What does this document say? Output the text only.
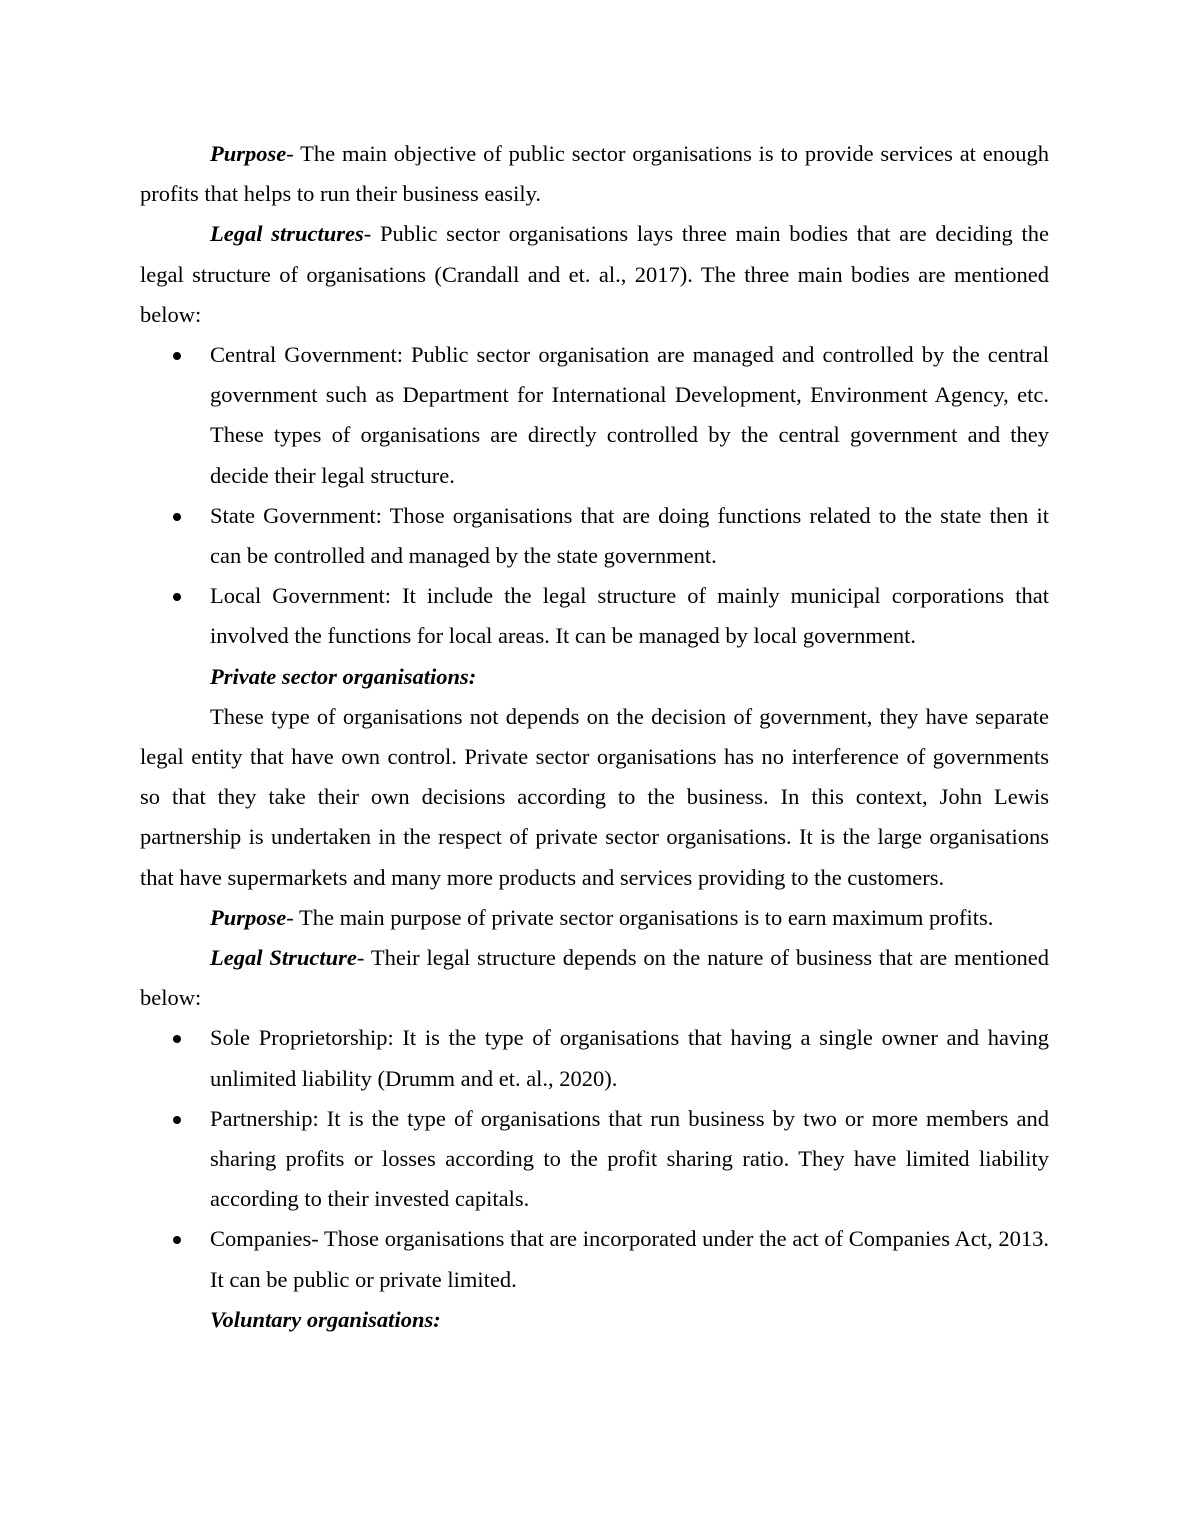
Purpose- The main objective of public sector organisations is to provide services at enough profits that helps to run their business easily.

Legal structures- Public sector organisations lays three main bodies that are deciding the legal structure of organisations (Crandall and et. al., 2017). The three main bodies are mentioned below:

Central Government: Public sector organisation are managed and controlled by the central government such as Department for International Development, Environment Agency, etc. These types of organisations are directly controlled by the central government and they decide their legal structure.
State Government: Those organisations that are doing functions related to the state then it can be controlled and managed by the state government.
Local Government: It include the legal structure of mainly municipal corporations that involved the functions for local areas. It can be managed by local government.

Private sector organisations:

These type of organisations not depends on the decision of government, they have separate legal entity that have own control. Private sector organisations has no interference of governments so that they take their own decisions according to the business. In this context, John Lewis partnership is undertaken in the respect of private sector organisations. It is the large organisations that have supermarkets and many more products and services providing to the customers.

Purpose- The main purpose of private sector organisations is to earn maximum profits.

Legal Structure- Their legal structure depends on the nature of business that are mentioned below:

Sole Proprietorship: It is the type of organisations that having a single owner and having unlimited liability (Drumm and et. al., 2020).
Partnership: It is the type of organisations that run business by two or more members and sharing profits or losses according to the profit sharing ratio. They have limited liability according to their invested capitals.
Companies- Those organisations that are incorporated under the act of Companies Act, 2013. It can be public or private limited.

Voluntary organisations:
